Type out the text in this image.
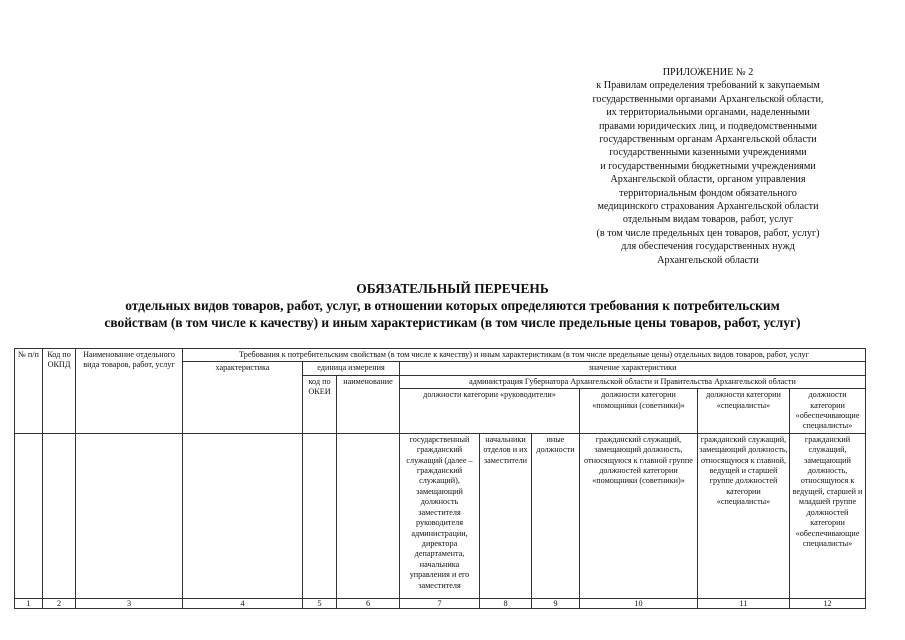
ПРИЛОЖЕНИЕ № 2
к Правилам определения требований к закупаемым
государственными органами Архангельской области,
их территориальными органами, наделенными
правами юридических лиц, и подведомственными
государственным органам Архангельской области
государственными казенными учреждениями
и государственными бюджетными учреждениями
Архангельской области, органом управления
территориальным фондом обязательного
медицинского страхования Архангельской области
отдельным видам товаров, работ, услуг
(в том числе предельных цен товаров, работ, услуг)
для обеспечения государственных нужд
Архангельской области
ОБЯЗАТЕЛЬНЫЙ ПЕРЕЧЕНЬ
отдельных видов товаров, работ, услуг, в отношении которых определяются требования к потребительским
свойствам (в том числе к качеству) и иным характеристикам (в том числе предельные цены товаров, работ, услуг)
№ п/п	Код по ОКПД	Наименование отдельного вида товаров, работ, услуг	Требования к потребительским свойствам (в том числе к качеству) и иным характеристикам (в том числе предельные цены) отдельных видов товаров, работ, услуг								
			характеристика	единица измерения		значение характеристики					
				код по ОКЕИ	наименование	администрация Губернатора Архангельской области и Правительства Архангельской области					
						должности категории «руководители»			должности категории «помощники (советники)»	должности категории «специалисты»	должности категории «обеспечивающие специалисты»
						государственный гражданский служащий (далее – гражданский служащий), замещающий должность заместителя руководителя администрации, директора департамента, начальника управления и его заместителя	начальники отделов и их заместители	иные должности	гражданский служащий, замещающий должность, относящуюся к главной группе должностей категории «помощники (советники)»	гражданский служащий, замещающий должность, относящуюся к главной, ведущей и старшей группе должностей категории «специалисты»	гражданский служащий, замещающий должность, относящуюся к ведущей, старшей и младшей группе должностей категории «обеспечивающие специалисты»
1	2	3	4	5	6	7	8	9	10	11	12
